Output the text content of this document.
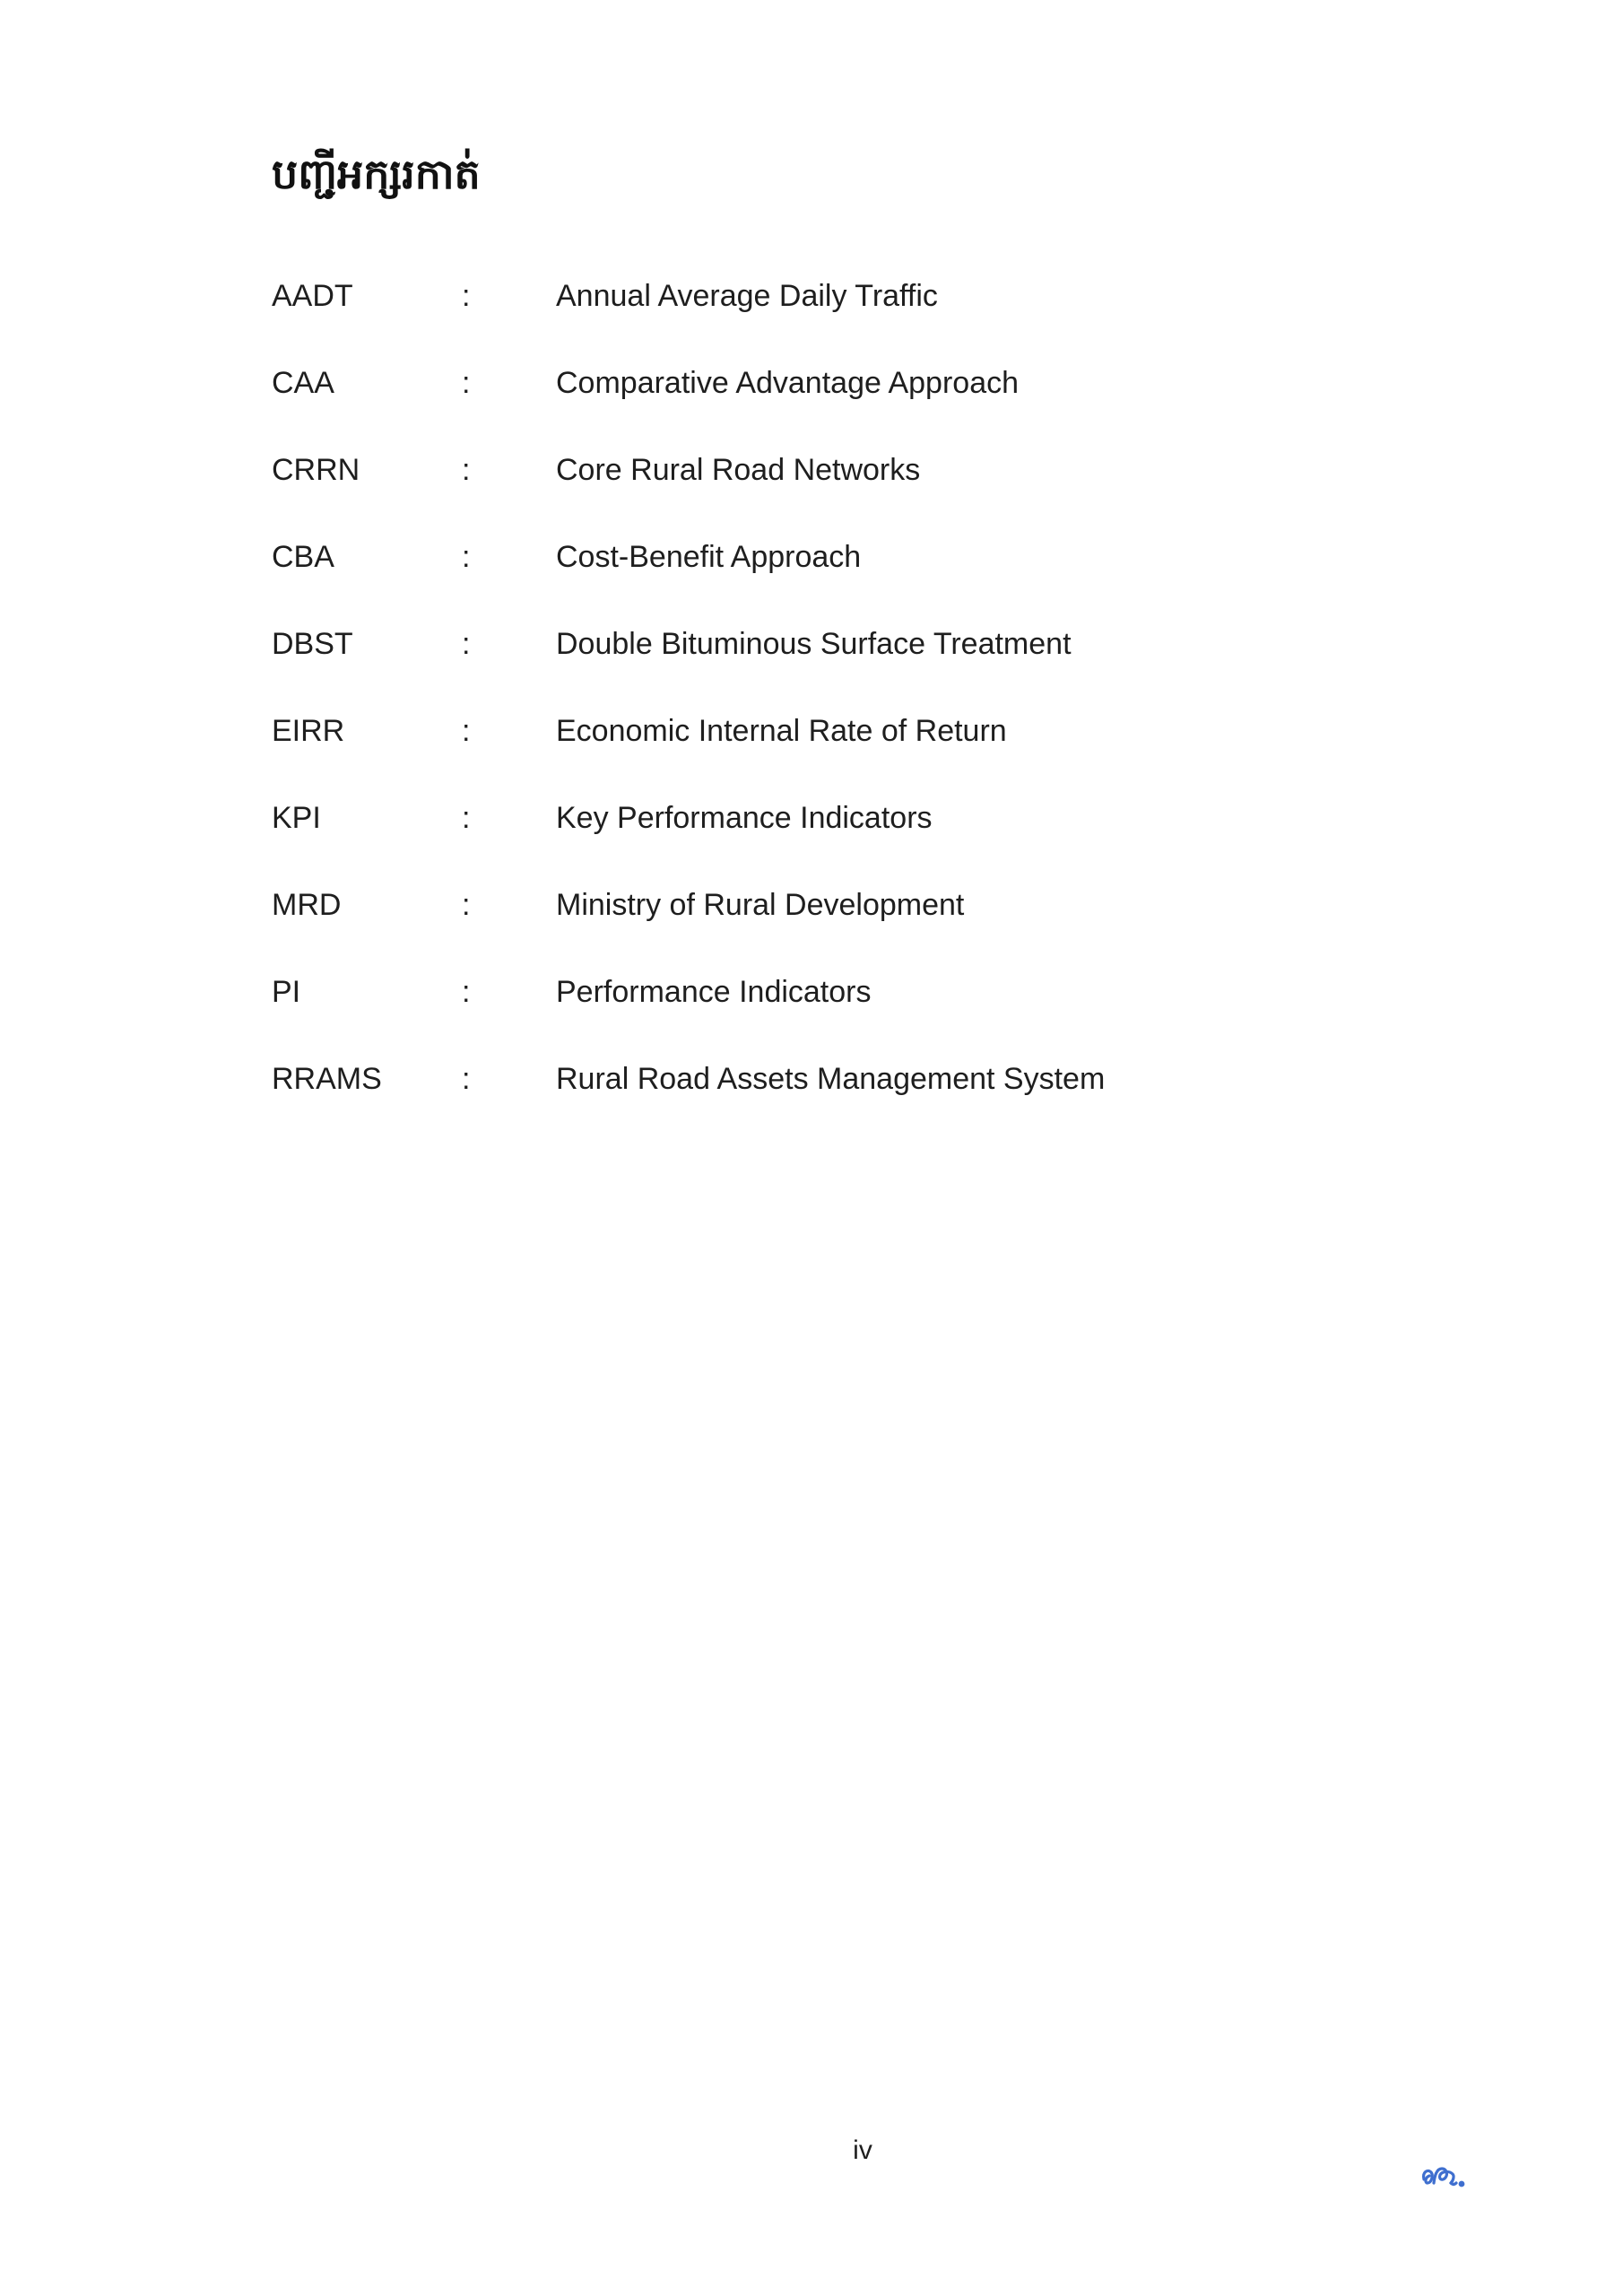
បញ្ជីអក្សរកាត់
AADT	:	Annual Average Daily Traffic
CAA	:	Comparative Advantage Approach
CRRN	:	Core Rural Road Networks
CBA	:	Cost-Benefit Approach
DBST	:	Double Bituminous Surface Treatment
EIRR	:	Economic Internal Rate of Return
KPI	:	Key Performance Indicators
MRD	:	Ministry of Rural Development
PI	:	Performance Indicators
RRAMS	:	Rural Road Assets Management System
iv
